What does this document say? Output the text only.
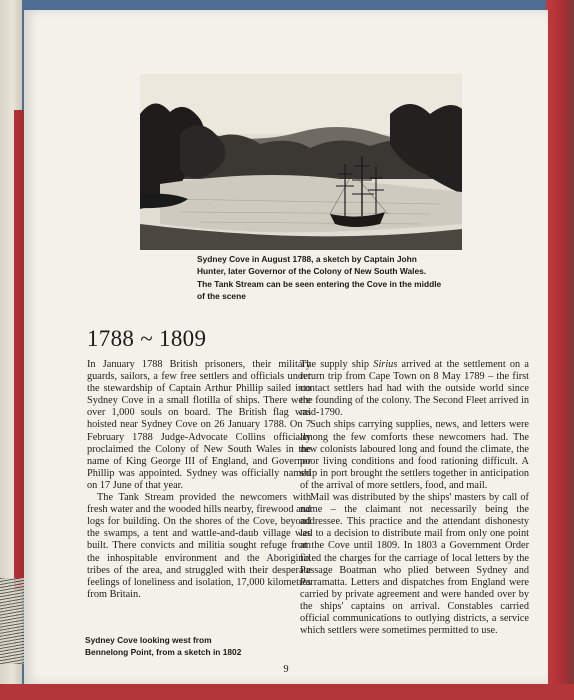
Sydney Cove in August 1788, a sketch by Captain John Hunter, later Governor of the Colony of New South Wales. The Tank Stream can be seen entering the Cove in the middle of the scene
1788 ~ 1809

In January 1788 British prisoners, their military guards, sailors, a few free settlers and officials under the stewardship of Captain Arthur Phillip sailed into Sydney Cove in a small flotilla of ships. There were over 1,000 souls on board. The British flag was hoisted near Sydney Cove on 26 January 1788. On 7 February 1788 Judge-Advocate Collins officially proclaimed the Colony of New South Wales in the name of King George III of England, and Governor Phillip was appointed. Sydney was officially named on 17 June of that year.

The Tank Stream provided the newcomers with fresh water and the wooded hills nearby, firewood and logs for building. On the shores of the Cove, beyond the swamps, a tent and wattle-and-daub village was built. There convicts and militia sought refuge from the inhospitable environment and the Aboriginal tribes of the area, and struggled with their desperate feelings of loneliness and isolation, 17,000 kilometres from Britain.

The supply ship Sirius arrived at the settlement on a return trip from Cape Town on 8 May 1789 – the first contact settlers had had with the outside world since the founding of the colony. The Second Fleet arrived in mid-1790.

Such ships carrying supplies, news, and letters were among the few comforts these newcomers had. The new colonists laboured long and found the climate, the poor living conditions and food rationing difficult. A ship in port brought the settlers together in anticipation of the arrival of more settlers, food, and mail.

Mail was distributed by the ships' masters by call of name – the claimant not necessarily being the addressee. This practice and the attendant dishonesty led to a decision to distribute mail from only one point at the Cove until 1809. In 1803 a Government Order fixed the charges for the carriage of local letters by the Passage Boatman who plied between Sydney and Parramatta. Letters and dispatches from England were carried by private agreement and were handed over by the ships' captains on arrival. Constables carried official communications to outlying districts, a service which settlers were sometimes permitted to use.

Sydney Cove looking west from Bennelong Point, from a sketch in 1802
9
